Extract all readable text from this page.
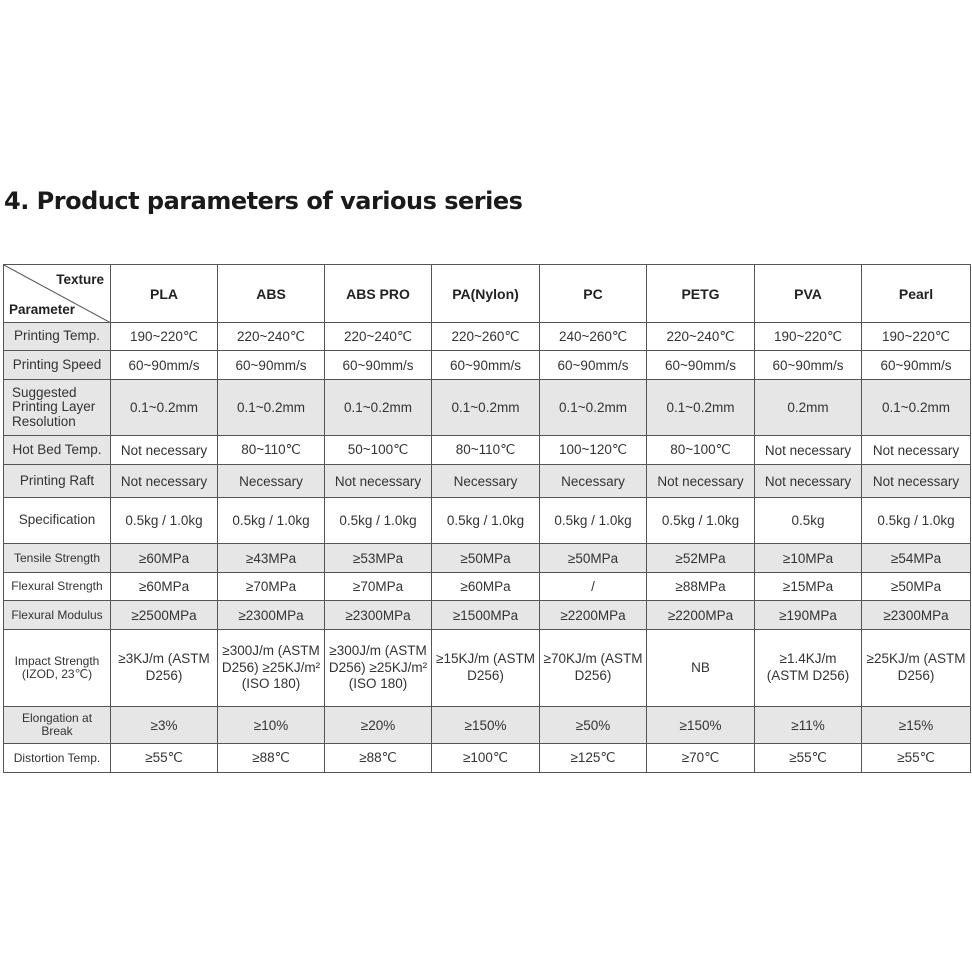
4. Product parameters of various series
Texture
Parameter	PLA	ABS	ABS PRO	PA(Nylon)	PC	PETG	PVA	Pearl
Printing Temp.	190~220℃	220~240℃	220~240℃	220~260℃	240~260℃	220~240℃	190~220℃	190~220℃
Printing Speed	60~90mm/s	60~90mm/s	60~90mm/s	60~90mm/s	60~90mm/s	60~90mm/s	60~90mm/s	60~90mm/s
Suggested Printing Layer Resolution	0.1~0.2mm	0.1~0.2mm	0.1~0.2mm	0.1~0.2mm	0.1~0.2mm	0.1~0.2mm	0.2mm	0.1~0.2mm
Hot Bed Temp.	Not necessary	80~110℃	50~100℃	80~110℃	100~120℃	80~100℃	Not necessary	Not necessary
Printing Raft	Not necessary	Necessary	Not necessary	Necessary	Necessary	Not necessary	Not necessary	Not necessary
Specification	0.5kg / 1.0kg	0.5kg / 1.0kg	0.5kg / 1.0kg	0.5kg / 1.0kg	0.5kg / 1.0kg	0.5kg / 1.0kg	0.5kg	0.5kg / 1.0kg
Tensile Strength	≥60MPa	≥43MPa	≥53MPa	≥50MPa	≥50MPa	≥52MPa	≥10MPa	≥54MPa
Flexural Strength	≥60MPa	≥70MPa	≥70MPa	≥60MPa	/	≥88MPa	≥15MPa	≥50MPa
Flexural Modulus	≥2500MPa	≥2300MPa	≥2300MPa	≥1500MPa	≥2200MPa	≥2200MPa	≥190MPa	≥2300MPa
Impact Strength (IZOD, 23℃)	≥3KJ/m (ASTM D256)	≥300J/m (ASTM D256) ≥25KJ/m² (ISO 180)	≥300J/m (ASTM D256) ≥25KJ/m² (ISO 180)	≥15KJ/m (ASTM D256)	≥70KJ/m (ASTM D256)	NB	≥1.4KJ/m (ASTM D256)	≥25KJ/m (ASTM D256)
Elongation at Break	≥3%	≥10%	≥20%	≥150%	≥50%	≥150%	≥11%	≥15%
Distortion Temp.	≥55℃	≥88℃	≥88℃	≥100℃	≥125℃	≥70℃	≥55℃	≥55℃
